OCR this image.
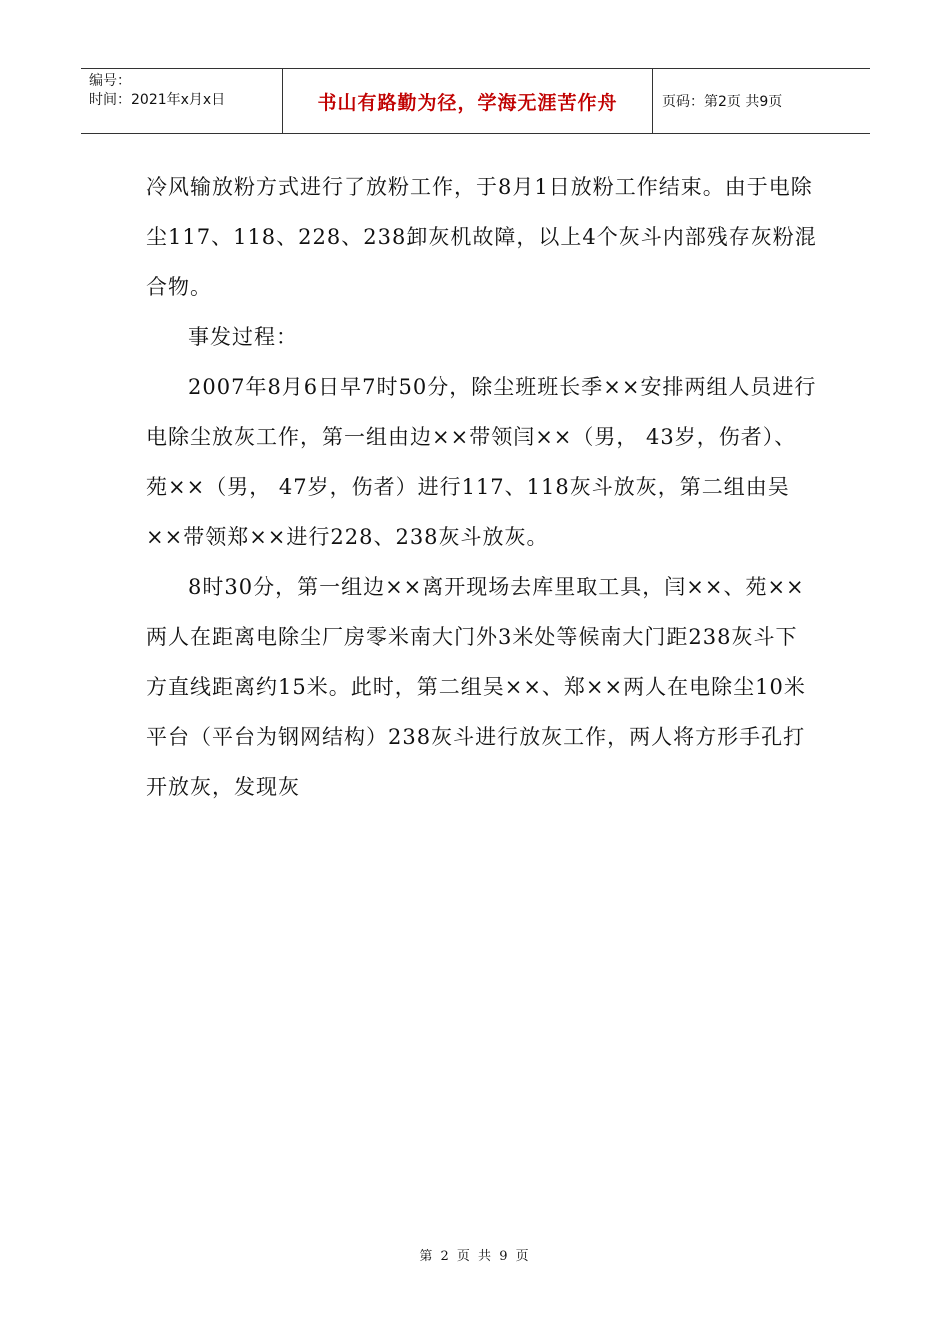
编号：
时间：2021年x月x日	书山有路勤为径，学海无涯苦作舟	页码：第2页 共9页

冷风输放粉方式进行了放粉工作，于8月1日放粉工作结束。由于电除尘117、118、228、238卸灰机故障，以上4个灰斗内部残存灰粉混合物。

事发过程：

2007年8月6日早7时50分，除尘班班长季××安排两组人员进行电除尘放灰工作，第一组由边××带领闫××（男， 43岁，伤者）、苑××（男， 47岁，伤者）进行117、118灰斗放灰，第二组由吴××带领郑××进行228、238灰斗放灰。

8时30分，第一组边××离开现场去库里取工具，闫××、苑××两人在距离电除尘厂房零米南大门外3米处等候南大门距238灰斗下方直线距离约15米。此时，第二组吴××、郑××两人在电除尘10米平台（平台为钢网结构）238灰斗进行放灰工作，两人将方形手孔打开放灰，发现灰

第 2 页 共 9 页
